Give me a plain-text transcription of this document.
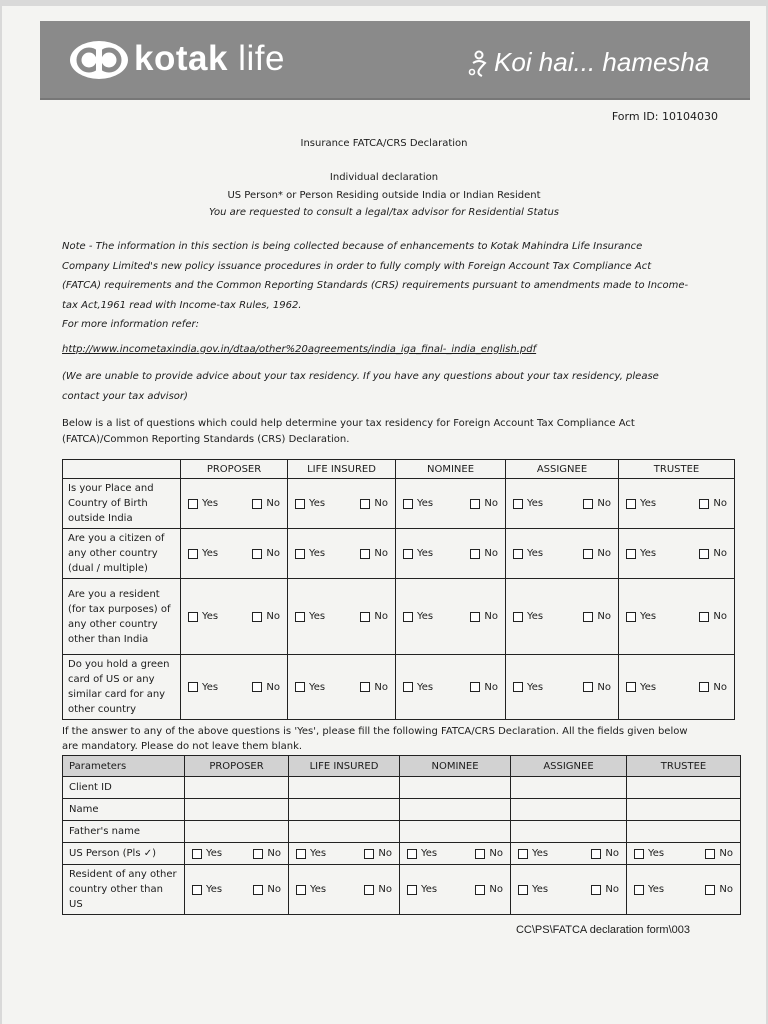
kotak life	Koi hai... hamesha
Form ID: 10104030
Insurance FATCA/CRS Declaration
Individual declaration
US Person* or Person Residing outside India or Indian Resident
You are requested to consult a legal/tax advisor for Residential Status
Note - The information in this section is being collected because of enhancements to Kotak Mahindra Life Insurance
Company Limited's new policy issuance procedures in order to fully comply with Foreign Account Tax Compliance Act
(FATCA) requirements and the Common Reporting Standards (CRS) requirements pursuant to amendments made to Income-
tax Act,1961 read with Income-tax Rules, 1962.
For more information refer:
http://www.incometaxindia.gov.in/dtaa/other%20agreements/india_iga_final-_india_english.pdf
(We are unable to provide advice about your tax residency. If you have any questions about your tax residency, please
contact your tax advisor)
Below is a list of questions which could help determine your tax residency for Foreign Account Tax Compliance Act
(FATCA)/Common Reporting Standards (CRS) Declaration.
	PROPOSER	LIFE INSURED	NOMINEE	ASSIGNEE	TRUSTEE
Is your Place and Country of Birth outside India	Yes No	Yes No	Yes No	Yes No	Yes No

Are you a citizen of any other country (dual / multiple)	Yes No	Yes No	Yes No	Yes No	Yes No

Are you a resident (for tax purposes) of any other country other than India	Yes No	Yes No	Yes No	Yes No	Yes No

Do you hold a green card of US or any similar card for any other country	Yes No	Yes No	Yes No	Yes No	Yes No
If the answer to any of the above questions is 'Yes', please fill the following FATCA/CRS Declaration. All the fields given below
are mandatory. Please do not leave them blank.
Parameters	PROPOSER	LIFE INSURED	NOMINEE	ASSIGNEE	TRUSTEE
Client ID					
Name					
Father's name					
US Person (Pls ✓)	Yes No	Yes No	Yes No	Yes No	Yes No

Resident of any other country other than US	Yes No	Yes No	Yes No	Yes No	Yes No
CC\PS\FATCA declaration form\003
